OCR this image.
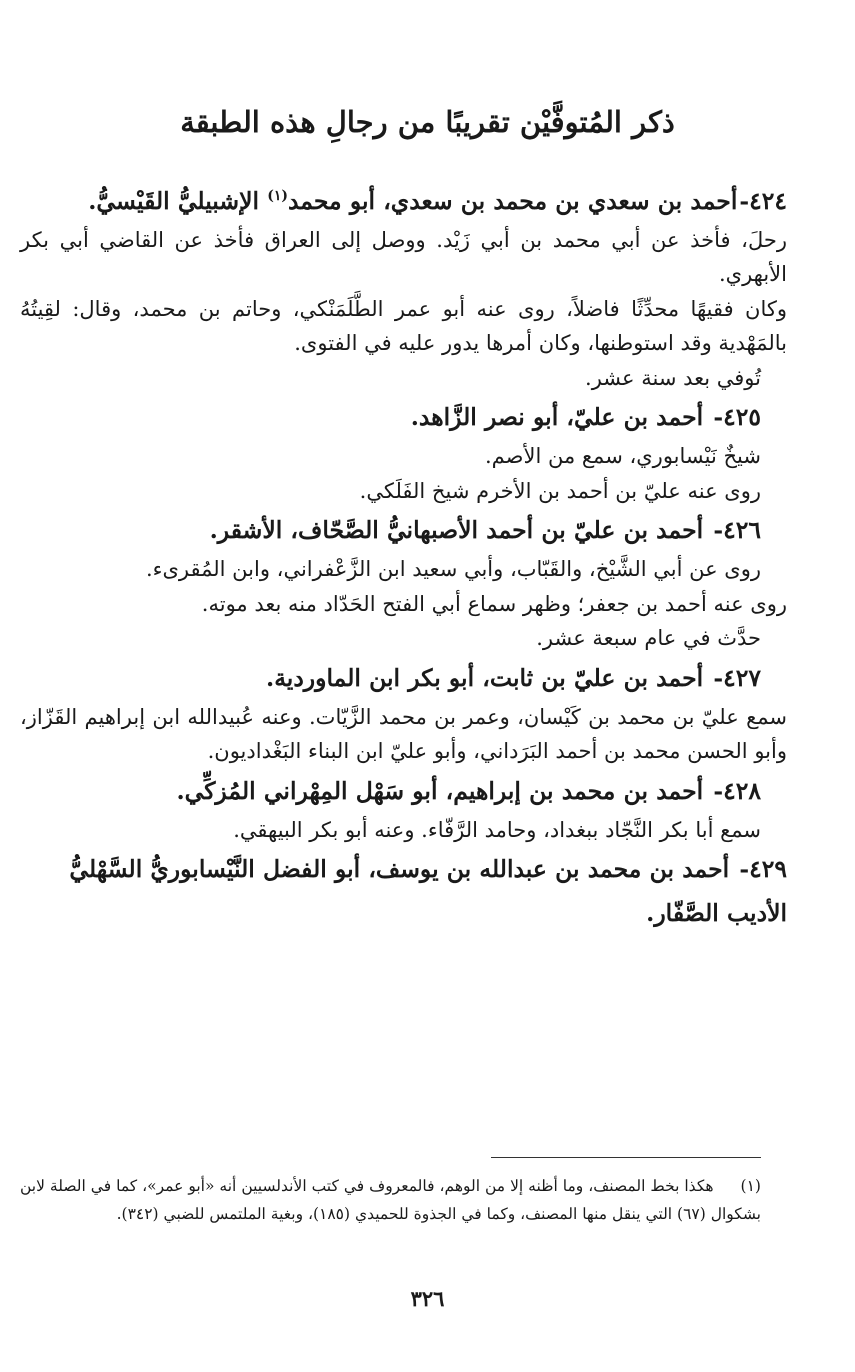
ذكر المُتوفَّيْن تقريبًا من رجالِ هذه الطبقة

٤٢٤-أحمد بن سعدي بن محمد بن سعدي، أبو محمد$^{(١)}$ الإشبيليُّ القَيْسيُّ.

رحلَ، فأخذ عن أبي محمد بن أبي زَيْد. ووصل إلى العراق فأخذ عن القاضي أبي بكر الأبهري.

وكان فقيهًا محدِّثًا فاضلاً، روى عنه أبو عمر الطَّلَمَنْكي، وحاتم بن محمد، وقال: لقِيتُهُ بالمَهْدية وقد استوطنها، وكان أمرها يدور عليه في الفتوى.

تُوفي بعد سنة عشر.

٤٢٥- أحمد بن عليّ، أبو نصر الزَّاهد.

شيخٌ نَيْسابوري، سمع من الأصم.

روى عنه عليّ بن أحمد بن الأخرم شيخ الفَلَكي.

٤٢٦- أحمد بن عليّ بن أحمد الأصبهانيُّ الصَّحّاف، الأشقر.

روى عن أبي الشَّيْخ، والقَبّاب، وأبي سعيد ابن الزَّعْفراني، وابن المُقرىء.

روى عنه أحمد بن جعفر؛ وظهر سماع أبي الفتح الحَدّاد منه بعد موته.

حدَّث في عام سبعة عشر.

٤٢٧- أحمد بن عليّ بن ثابت، أبو بكر ابن الماوردية.

سمع عليّ بن محمد بن كَيْسان، وعمر بن محمد الزَّيّات. وعنه عُبيدالله ابن إبراهيم القَزّاز، وأبو الحسن محمد بن أحمد البَرَداني، وأبو عليّ ابن البناء البَغْداديون.

٤٢٨- أحمد بن محمد بن إبراهيم، أبو سَهْل المِهْراني المُزكِّي.

سمع أبا بكر النَّجّاد ببغداد، وحامد الرَّفّاء. وعنه أبو بكر البيهقي.

٤٢٩- أحمد بن محمد بن عبدالله بن يوسف، أبو الفضل النَّيْسابوريُّ السَّهْليُّ الأديب الصَّفّار.

(١) هكذا بخط المصنف، وما أظنه إلا من الوهم، فالمعروف في كتب الأندلسيين أنه «أبو عمر»، كما في الصلة لابن بشكوال (٦٧) التي ينقل منها المصنف، وكما في الجذوة للحميدي (١٨٥)، وبغية الملتمس للضبي (٣٤٢).
٣٢٦
